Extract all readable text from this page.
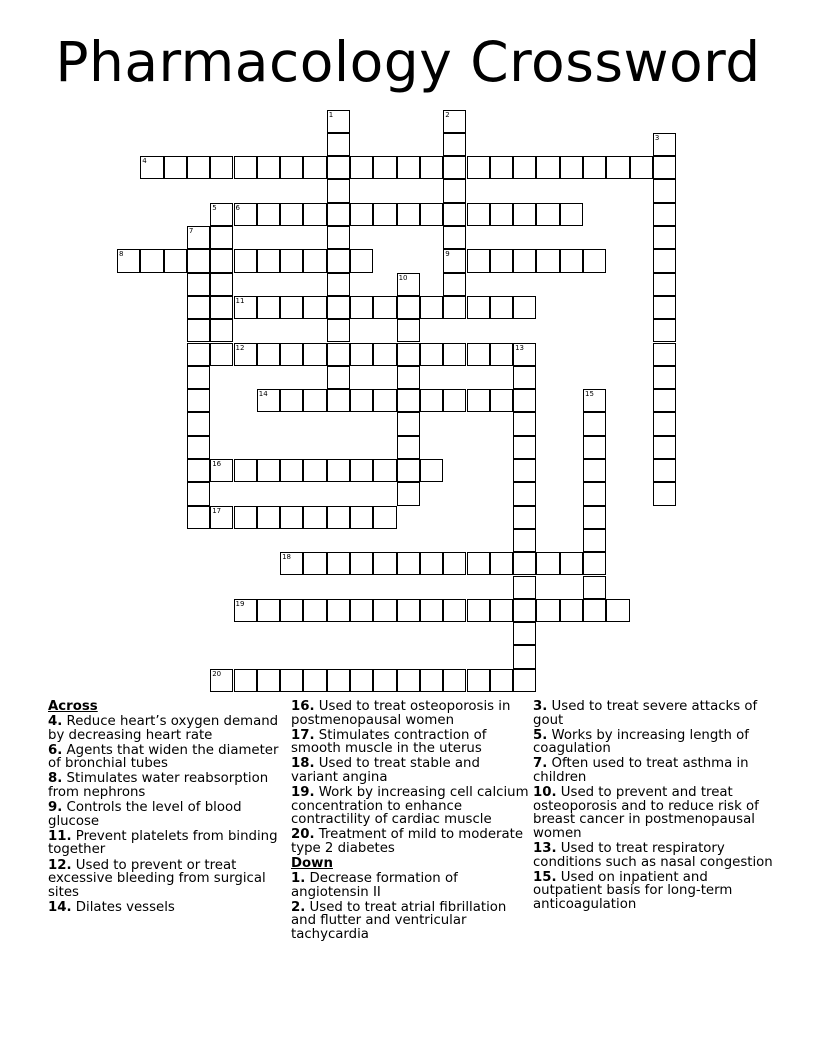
Pharmacology Crossword
1	2
9
3
4
5	6
7
8
10
11
12	13
14	15
16
17
18
19
20
Across
4. Reduce heart’s oxygen demand by decreasing heart rate
6. Agents that widen the diameter of bronchial tubes
8. Stimulates water reabsorption from nephrons
9. Controls the level of blood glucose
11. Prevent platelets from binding together
12. Used to prevent or treat excessive bleeding from surgical sites
14. Dilates vessels
16. Used to treat osteoporosis in postmenopausal women
17. Stimulates contraction of smooth muscle in the uterus
18. Used to treat stable and variant angina
19. Work by increasing cell calcium concentration to enhance contractility of cardiac muscle
20. Treatment of mild to moderate type 2 diabetes
Down
1. Decrease formation of angiotensin II
2. Used to treat atrial fibrillation and flutter and ventricular tachycardia
3. Used to treat severe attacks of gout
5. Works by increasing length of coagulation
7. Often used to treat asthma in children
10. Used to prevent and treat osteoporosis and to reduce risk of breast cancer in postmenopausal women
13. Used to treat respiratory conditions such as nasal congestion
15. Used on inpatient and outpatient basis for long-term anticoagulation
